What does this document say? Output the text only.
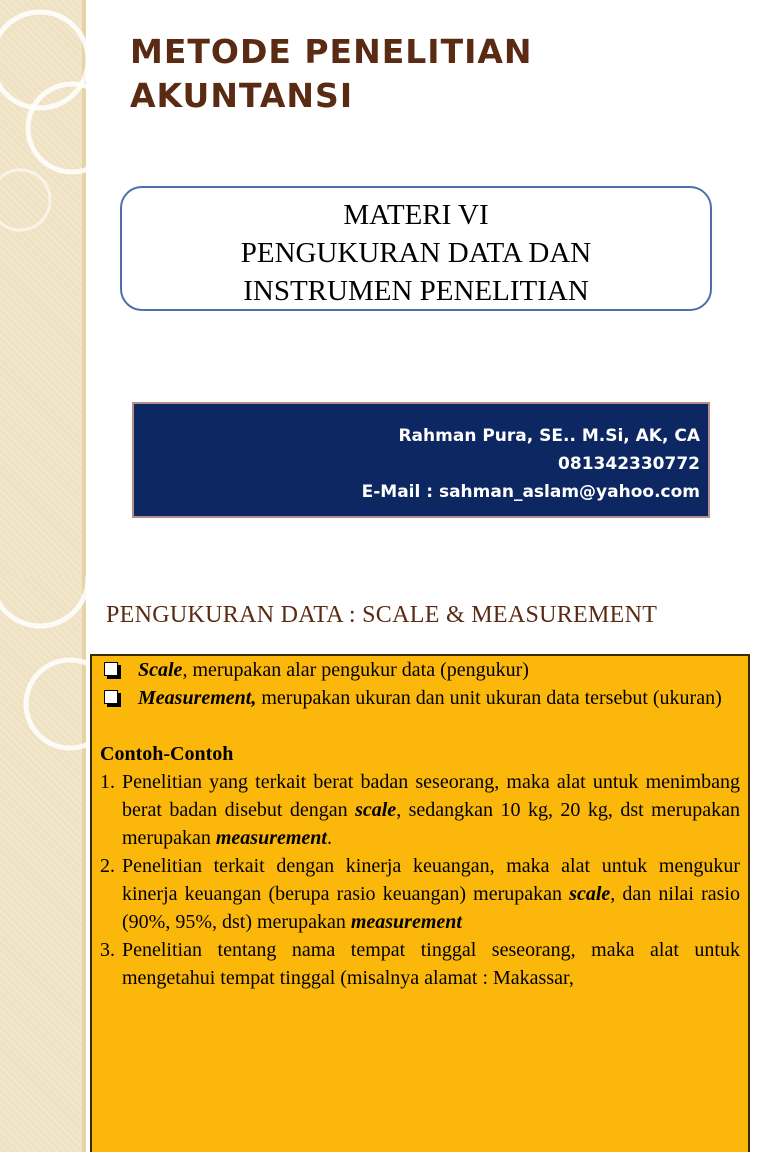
METODE PENELITIAN
AKUNTANSI
MATERI VI
PENGUKURAN DATA DAN
INSTRUMEN PENELITIAN
Rahman Pura, SE.. M.Si, AK, CA
081342330772
E-Mail : sahman_aslam@yahoo.com
PENGUKURAN DATA : SCALE & MEASUREMENT
Scale, merupakan alar pengukur data (pengukur)
Measurement, merupakan ukuran dan unit ukuran data tersebut (ukuran)
Contoh-Contoh
1. Penelitian yang terkait berat badan seseorang, maka alat untuk menimbang berat badan disebut dengan scale, sedangkan 10 kg, 20 kg, dst merupakan merupakan measurement.
2. Penelitian terkait dengan kinerja keuangan, maka alat untuk mengukur kinerja keuangan (berupa rasio keuangan) merupakan scale, dan nilai rasio (90%, 95%, dst) merupakan measurement
3. Penelitian tentang nama tempat tinggal seseorang, maka alat untuk mengetahui tempat tinggal (misalnya alamat : Makassar,
